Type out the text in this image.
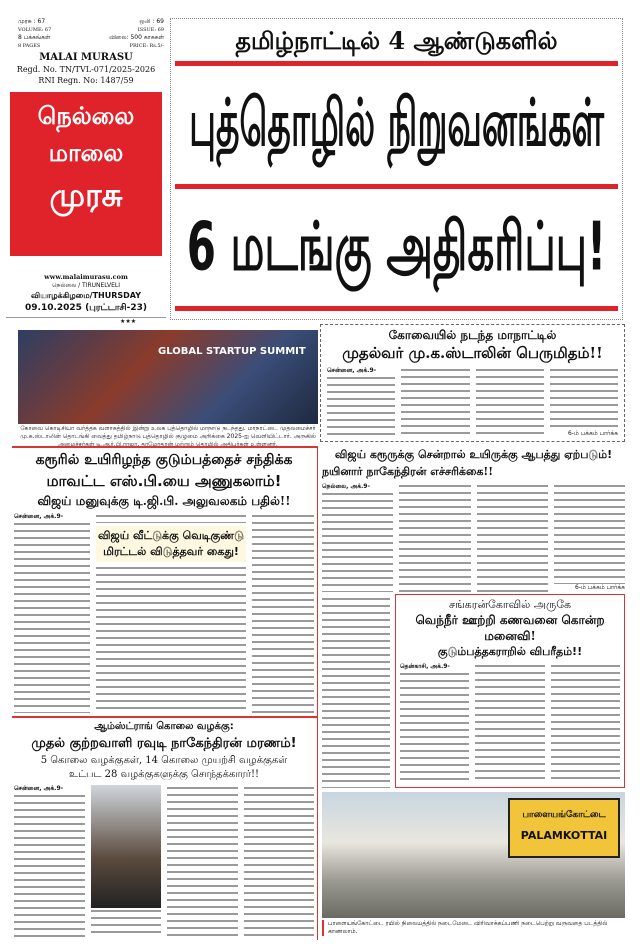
முரசு : 67	ஒலி : 69
VOLUME: 67	ISSUE: 69
8 பக்கங்கள்	விலை: 500 காசுகள்
8 PAGES	PRICE: Rs.5/-
MALAI MURASU
Regd. No. TN/TVL-071/2025-2026
RNI Regn. No: 1487/59
நெல்லை
மாலை
முரசு
www.malaimurasu.com
நெல்லை / TIRUNELVELI
வியாழக்கிழமை/THURSDAY
09.10.2025 (புரட்டாசி-23)
★★★
தமிழ்நாட்டில் 4 ஆண்டுகளில்
புத்தொழில் நிறுவனங்கள்
6 மடங்கு அதிகரிப்பு!
GLOBAL STARTUP SUMMIT
கோவை கொடிசியா வர்த்தக வளாகத்தில் இன்று உலக புத்தொழில் மாநாடு நடந்தது. மாநாட்டை முதலமைச்சர் மு.க.ஸ்டாலின் தொடங்கி வைத்து தமிழ்நாடு புத்தொழில் குழுமை அறிக்கை 2025-ஐ வெளியிட்டார். அருகில் அமைச்சர்கள் டி.ஆர்.பி.ராஜா, தாமோதரன் மற்றும் தொழில் அதிபர்கள் உள்ளனர்.
கோவையில் நடந்த மாநாட்டில்
முதல்வர் மு.க.ஸ்டாலின் பெருமிதம்!!
சென்னை, அக்.9-
6-ம் பக்கம் பார்க்க
கரூரில் உயிரிழந்த குடும்பத்தைச் சந்திக்க
மாவட்ட எஸ்.பி.யை அணுகலாம்!
விஜய் மனுவுக்கு டி.ஜி.பி. அலுவலகம் பதில்!!
சென்னை, அக்.9-
விஜய் வீட்டுக்கு வெடிகுண்டு
மிரட்டல் விடுத்தவர் கைது!
ஆம்ஸ்ட்ராங் கொலை வழக்கு:
முதல் குற்றவாளி ரவுடி நாகேந்திரன் மரணம்!
5 கொலை வழக்குகள், 14 கொலை முயற்சி வழக்குகள்
உட்பட 28 வழக்குகளுக்கு சொந்தக்காரர்!!
சென்னை, அக்.9-
விஜய் கரூருக்கு சென்றால் உயிருக்கு ஆபத்து ஏற்படும்!
நயினார் நாகேந்திரன் எச்சரிக்கை!!
நெல்லை, அக்.9-
6-ம் பக்கம் பார்க்க
சங்கரன்கோவில் அருகே
வெந்நீர் ஊற்றி கணவனை கொன்ற மனைவி!
குடும்பத்தகராறில் விபரீதம்!!
தென்காசி, அக்.9-
பாளையங்கோட்டை
PALAMKOTTAI
பாளையங்கோட்டை ரயில் நிலையத்தில் நடைமேடை விரிவாக்கப்பணி நடைபெற்று வருவதை படத்தில் காணலாம்.
